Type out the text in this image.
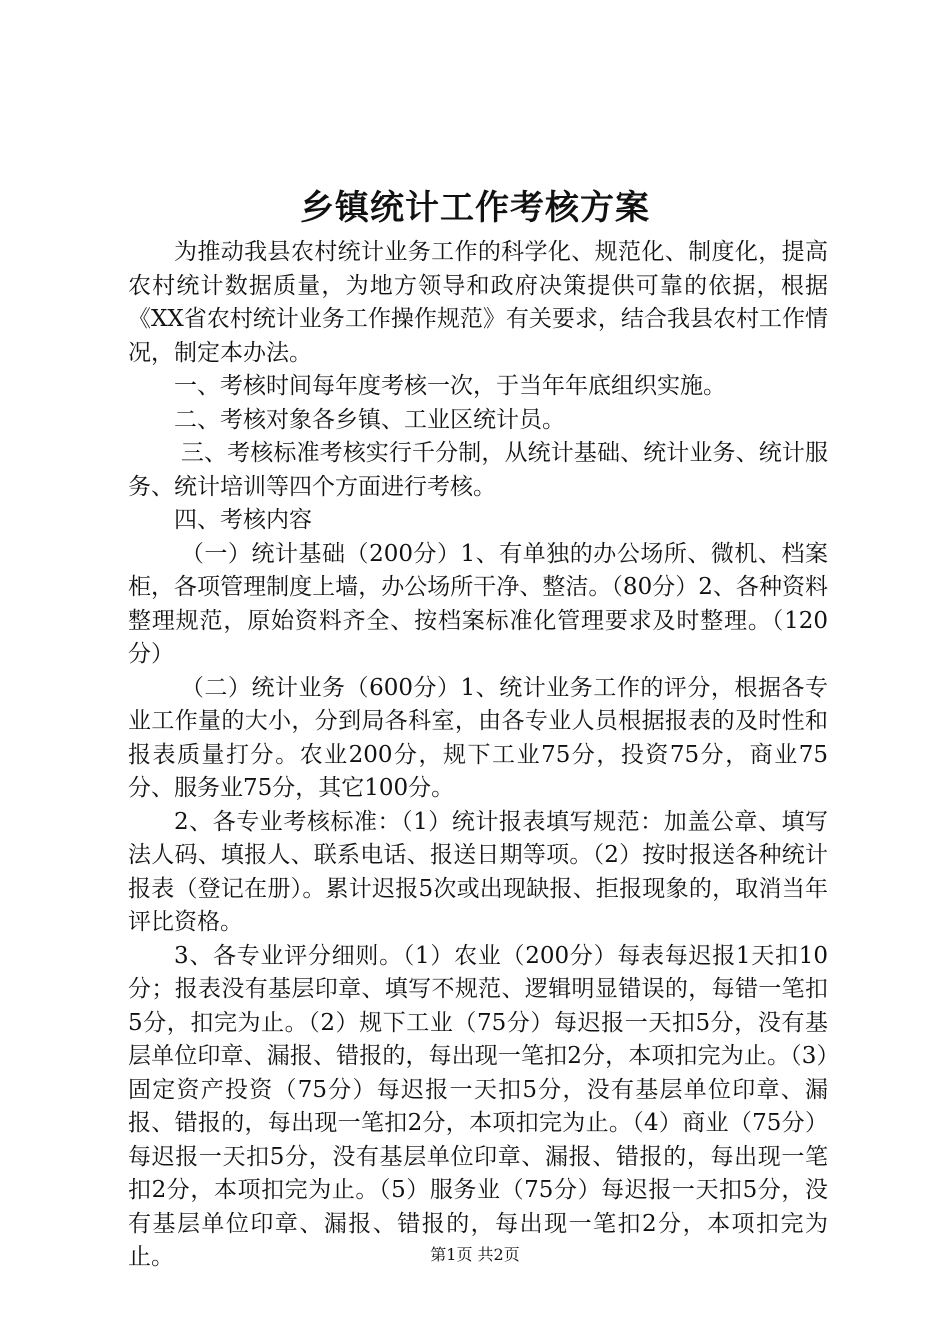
乡镇统计工作考核方案

为推动我县农村统计业务工作的科学化、规范化、制度化，提高农村统计数据质量，为地方领导和政府决策提供可靠的依据，根据《XX省农村统计业务工作操作规范》有关要求，结合我县农村工作情况，制定本办法。

一、考核时间每年度考核一次，于当年年底组织实施。

二、考核对象各乡镇、工业区统计员。

三、考核标准考核实行千分制，从统计基础、统计业务、统计服务、统计培训等四个方面进行考核。

四、考核内容

（一）统计基础（200分）1、有单独的办公场所、微机、档案柜，各项管理制度上墙，办公场所干净、整洁。（80分）2、各种资料整理规范，原始资料齐全、按档案标准化管理要求及时整理。（120分）

（二）统计业务（600分）1、统计业务工作的评分，根据各专业工作量的大小，分到局各科室，由各专业人员根据报表的及时性和报表质量打分。农业200分，规下工业75分，投资75分，商业75分、服务业75分，其它100分。

2、各专业考核标准：（1）统计报表填写规范：加盖公章、填写法人码、填报人、联系电话、报送日期等项。（2）按时报送各种统计报表（登记在册）。累计迟报5次或出现缺报、拒报现象的，取消当年评比资格。

3、各专业评分细则。（1）农业（200分）每表每迟报1天扣10分；报表没有基层印章、填写不规范、逻辑明显错误的，每错一笔扣5分，扣完为止。（2）规下工业（75分）每迟报一天扣5分，没有基层单位印章、漏报、错报的，每出现一笔扣2分，本项扣完为止。（3）固定资产投资（75分）每迟报一天扣5分，没有基层单位印章、漏报、错报的，每出现一笔扣2分，本项扣完为止。（4）商业（75分）每迟报一天扣5分，没有基层单位印章、漏报、错报的，每出现一笔扣2分，本项扣完为止。（5）服务业（75分）每迟报一天扣5分，没有基层单位印章、漏报、错报的，每出现一笔扣2分，本项扣完为止。	第1页 共2页
